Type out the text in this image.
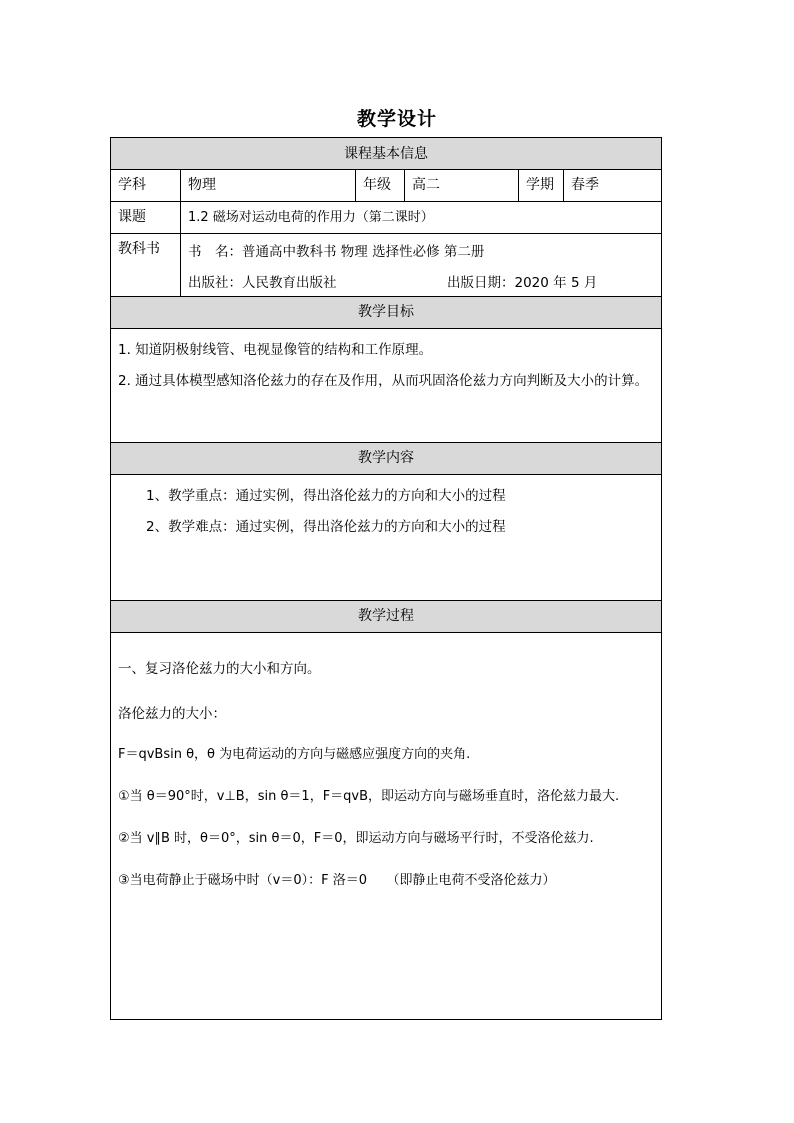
教学设计
课程基本信息
学科	物理	年级	高二	学期	春季
课题	1.2 磁场对运动电荷的作用力（第二课时）
教科书	书　名：普通高中教科书 物理 选择性必修 第二册
出版社：人民教育出版社	出版日期：2020 年 5 月
教学目标
1. 知道阴极射线管、电视显像管的结构和工作原理。
2. 通过具体模型感知洛伦兹力的存在及作用，从而巩固洛伦兹力方向判断及大小的计算。
教学内容
1、教学重点：通过实例，得出洛伦兹力的方向和大小的过程
2、教学难点：通过实例，得出洛伦兹力的方向和大小的过程
教学过程
一、复习洛伦兹力的大小和方向。
洛伦兹力的大小：
F＝qvBsin θ，θ 为电荷运动的方向与磁感应强度方向的夹角.
①当 θ＝90°时，v⊥B，sin θ＝1，F＝qvB，即运动方向与磁场垂直时，洛伦兹力最大.
②当 v∥B 时，θ＝0°，sin θ＝0，F＝0，即运动方向与磁场平行时，不受洛伦兹力.
③当电荷静止于磁场中时（v＝0）：F 洛＝0　　（即静止电荷不受洛伦兹力）
